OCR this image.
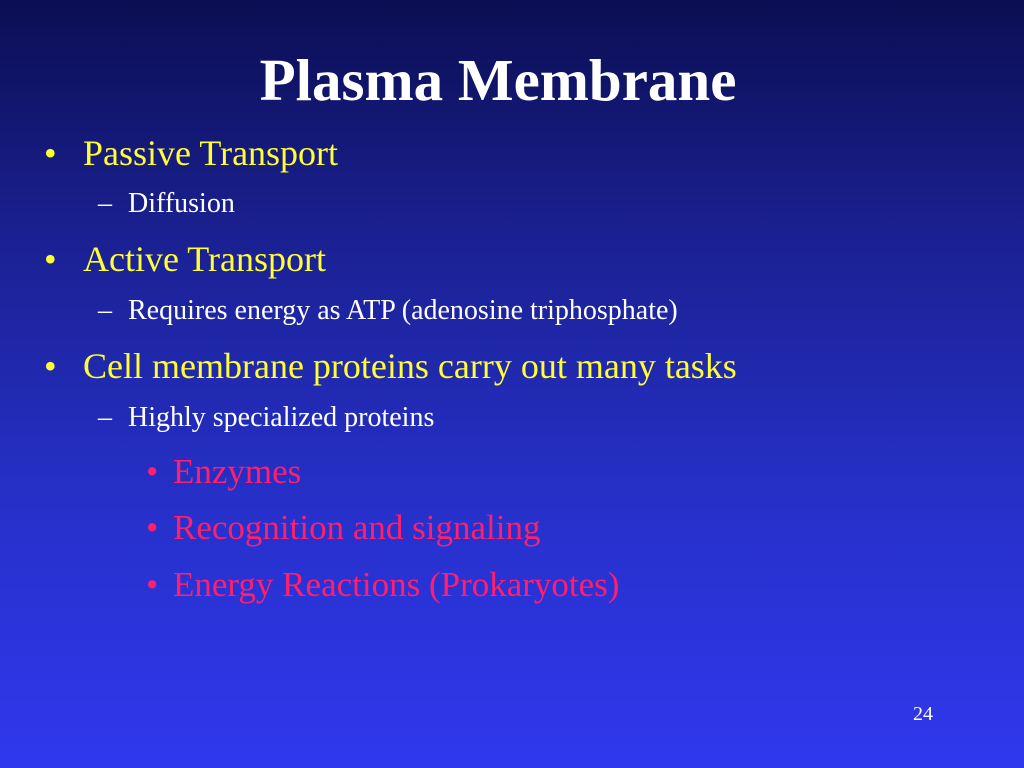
Plasma Membrane
• Passive Transport
– Diffusion
• Active Transport
– Requires energy as ATP (adenosine triphosphate)
• Cell membrane proteins carry out many tasks
– Highly specialized proteins
• Enzymes
• Recognition and signaling
• Energy Reactions (Prokaryotes)
24
